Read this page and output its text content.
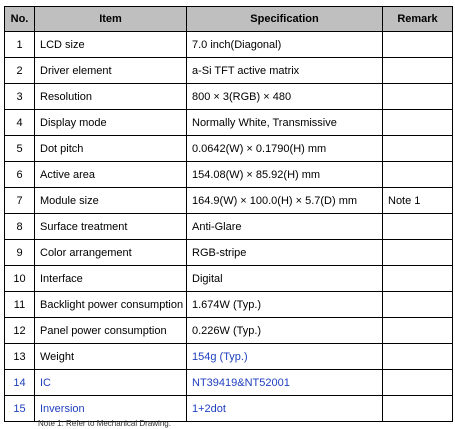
No.	Item	Specification	Remark
1	LCD size	7.0 inch(Diagonal)	
2	Driver element	a-Si TFT active matrix	
3	Resolution	800 × 3(RGB) × 480	
4	Display mode	Normally White, Transmissive	
5	Dot pitch	0.0642(W) × 0.1790(H) mm	
6	Active area	154.08(W) × 85.92(H) mm	
7	Module size	164.9(W) × 100.0(H) × 5.7(D) mm	Note 1
8	Surface treatment	Anti-Glare	
9	Color arrangement	RGB-stripe	
10	Interface	Digital	
11	Backlight power consumption	1.674W (Typ.)	
12	Panel power consumption	0.226W (Typ.)	
13	Weight	154g (Typ.)	
14	IC	NT39419&NT52001	
15	Inversion	1+2dot	
Note 1: Refer to Mechanical Drawing.
